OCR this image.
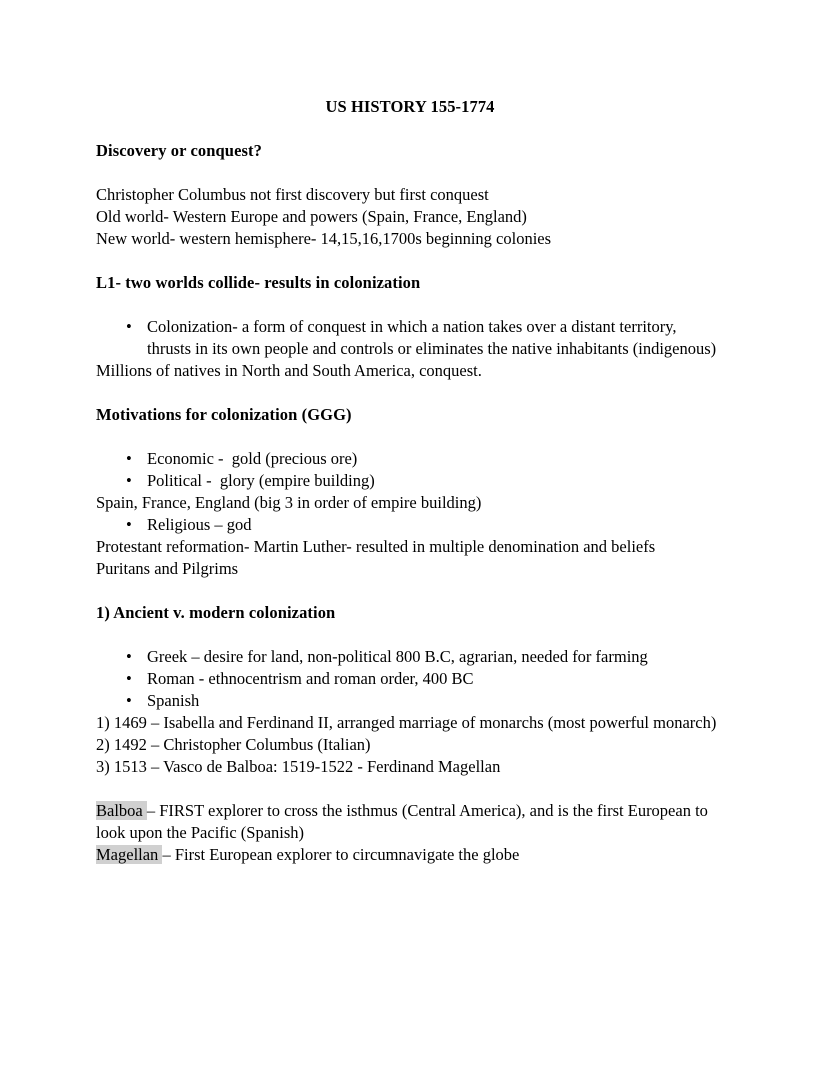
US HISTORY 155-1774
Discovery or conquest?

Christopher Columbus not first discovery but first conquest

Old world- Western Europe and powers (Spain, France, England)

New world- western hemisphere- 14,15,16,1700s beginning colonies

L1- two worlds collide- results in colonization
• Colonization- a form of conquest in which a nation takes over a distant territory, thrusts in its own people and controls or eliminates the native inhabitants (indigenous)

Millions of natives in North and South America, conquest.

Motivations for colonization (GGG)
• Economic -  gold (precious ore)
• Political -  glory (empire building)

Spain, France, England (big 3 in order of empire building)

• Religious – god

Protestant reformation- Martin Luther- resulted in multiple denomination and beliefs

Puritans and Pilgrims

1) Ancient v. modern colonization
• Greek – desire for land, non-political 800 B.C, agrarian, needed for farming
• Roman - ethnocentrism and roman order, 400 BC
• Spanish

1) 1469 – Isabella and Ferdinand II, arranged marriage of monarchs (most powerful monarch)

2) 1492 – Christopher Columbus (Italian)

3) 1513 – Vasco de Balboa: 1519-1522 - Ferdinand Magellan

Balboa – FIRST explorer to cross the isthmus (Central America), and is the first European to look upon the Pacific (Spanish)

Magellan – First European explorer to circumnavigate the globe
